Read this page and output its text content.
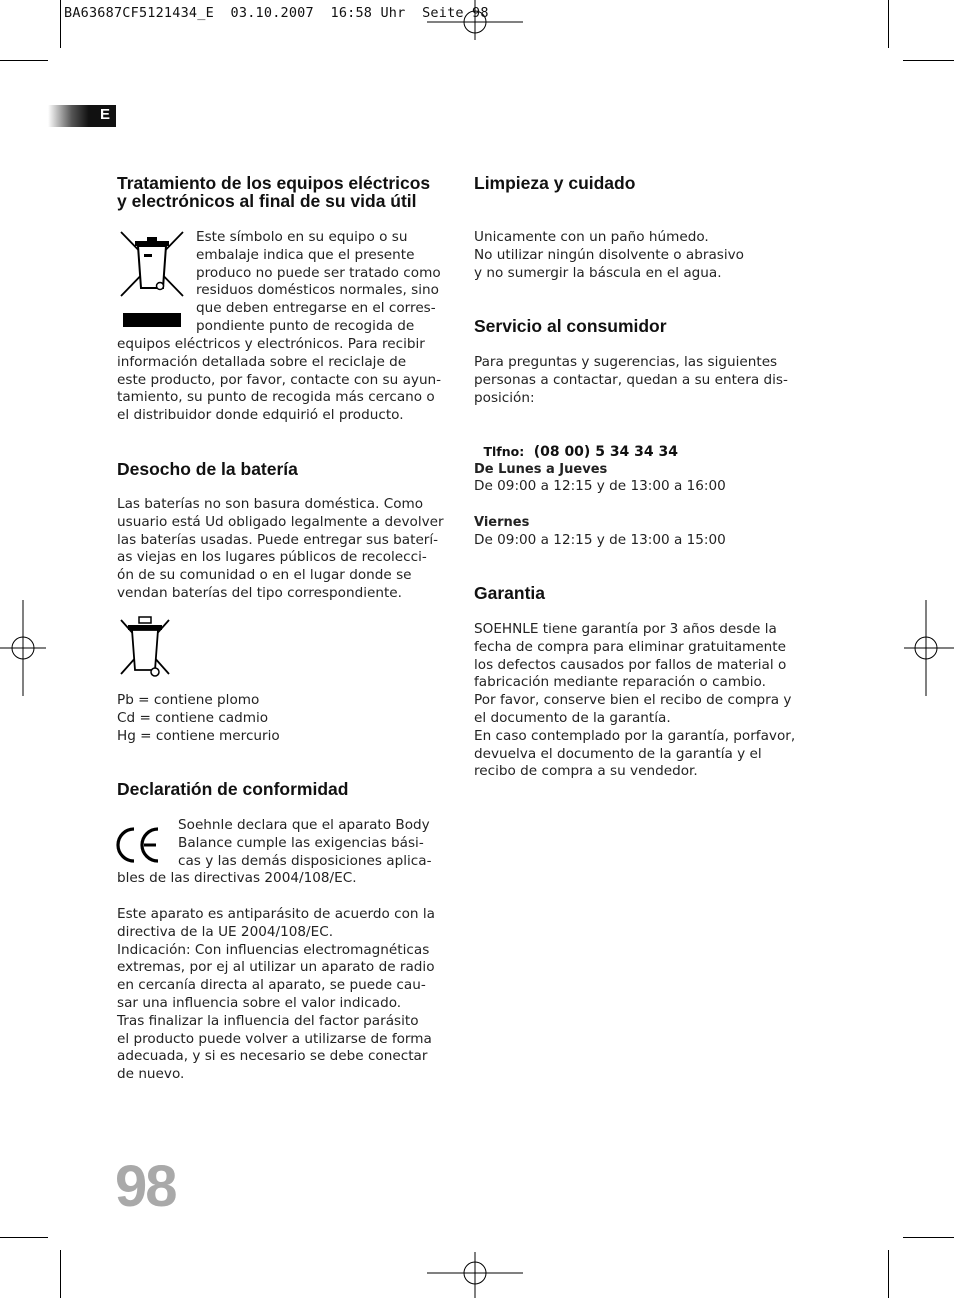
BA63687CF5121434_E  03.10.2007  16:58 Uhr  Seite 98
E
Tratamiento de los equipos eléctricos
y electrónicos al final de su vida útil

Este símbolo en su equipo o su
embalaje indica que el presente
produco no puede ser tratado como
residuos domésticos normales, sino
que deben entregarse en el corres-
pondiente punto de recogida de

equipos eléctricos y electrónicos. Para recibir
información detallada sobre el reciclaje de
este producto, por favor, contacte con su ayun-
tamiento, su punto de recogida más cercano o
el distribuidor donde edquirió el producto.

Desocho de la batería

Las baterías no son basura doméstica. Como
usuario está Ud obligado legalmente a devolver
las baterías usadas. Puede entregar sus baterí-
as viejas en los lugares públicos de recolecci-
ón de su comunidad o en el lugar donde se
vendan baterías del tipo correspondiente.

Pb = contiene plomo
Cd = contiene cadmio
Hg = contiene mercurio

Declaratión de conformidad

Soehnle declara que el aparato Body
Balance cumple las exigencias bási-
cas y las demás disposiciones aplica-

bles de las directivas 2004/108/EC.

Este aparato es antiparásito de acuerdo con la
directiva de la UE 2004/108/EC.
Indicación: Con influencias electromagnéticas
extremas, por ej al utilizar un aparato de radio
en cercanía directa al aparato, se puede cau-
sar una influencia sobre el valor indicado.
Tras finalizar la influencia del factor parásito
el producto puede volver a utilizarse de forma
adecuada, y si es necesario se debe conectar
de nuevo.

Limpieza y cuidado

Unicamente con un paño húmedo.
No utilizar ningún disolvente o abrasivo
y no sumergir la báscula en el agua.

Servicio al consumidor

Para preguntas y sugerencias, las siguientes
personas a contactar, quedan a su entera dis-
posición:

Tlfno: (08 00) 5 34 34 34

De Lunes a Jueves

De 09:00 a 12:15 y de 13:00 a 16:00

Viernes

De 09:00 a 12:15 y de 13:00 a 15:00

Garantia

SOEHNLE tiene garantía por 3 años desde la
fecha de compra para eliminar gratuitamente
los defectos causados por fallos de material o
fabricación mediante reparación o cambio.
Por favor, conserve bien el recibo de compra y
el documento de la garantía.
En caso contemplado por la garantía, porfavor,
devuelva el documento de la garantía y el
recibo de compra a su vendedor.

98
